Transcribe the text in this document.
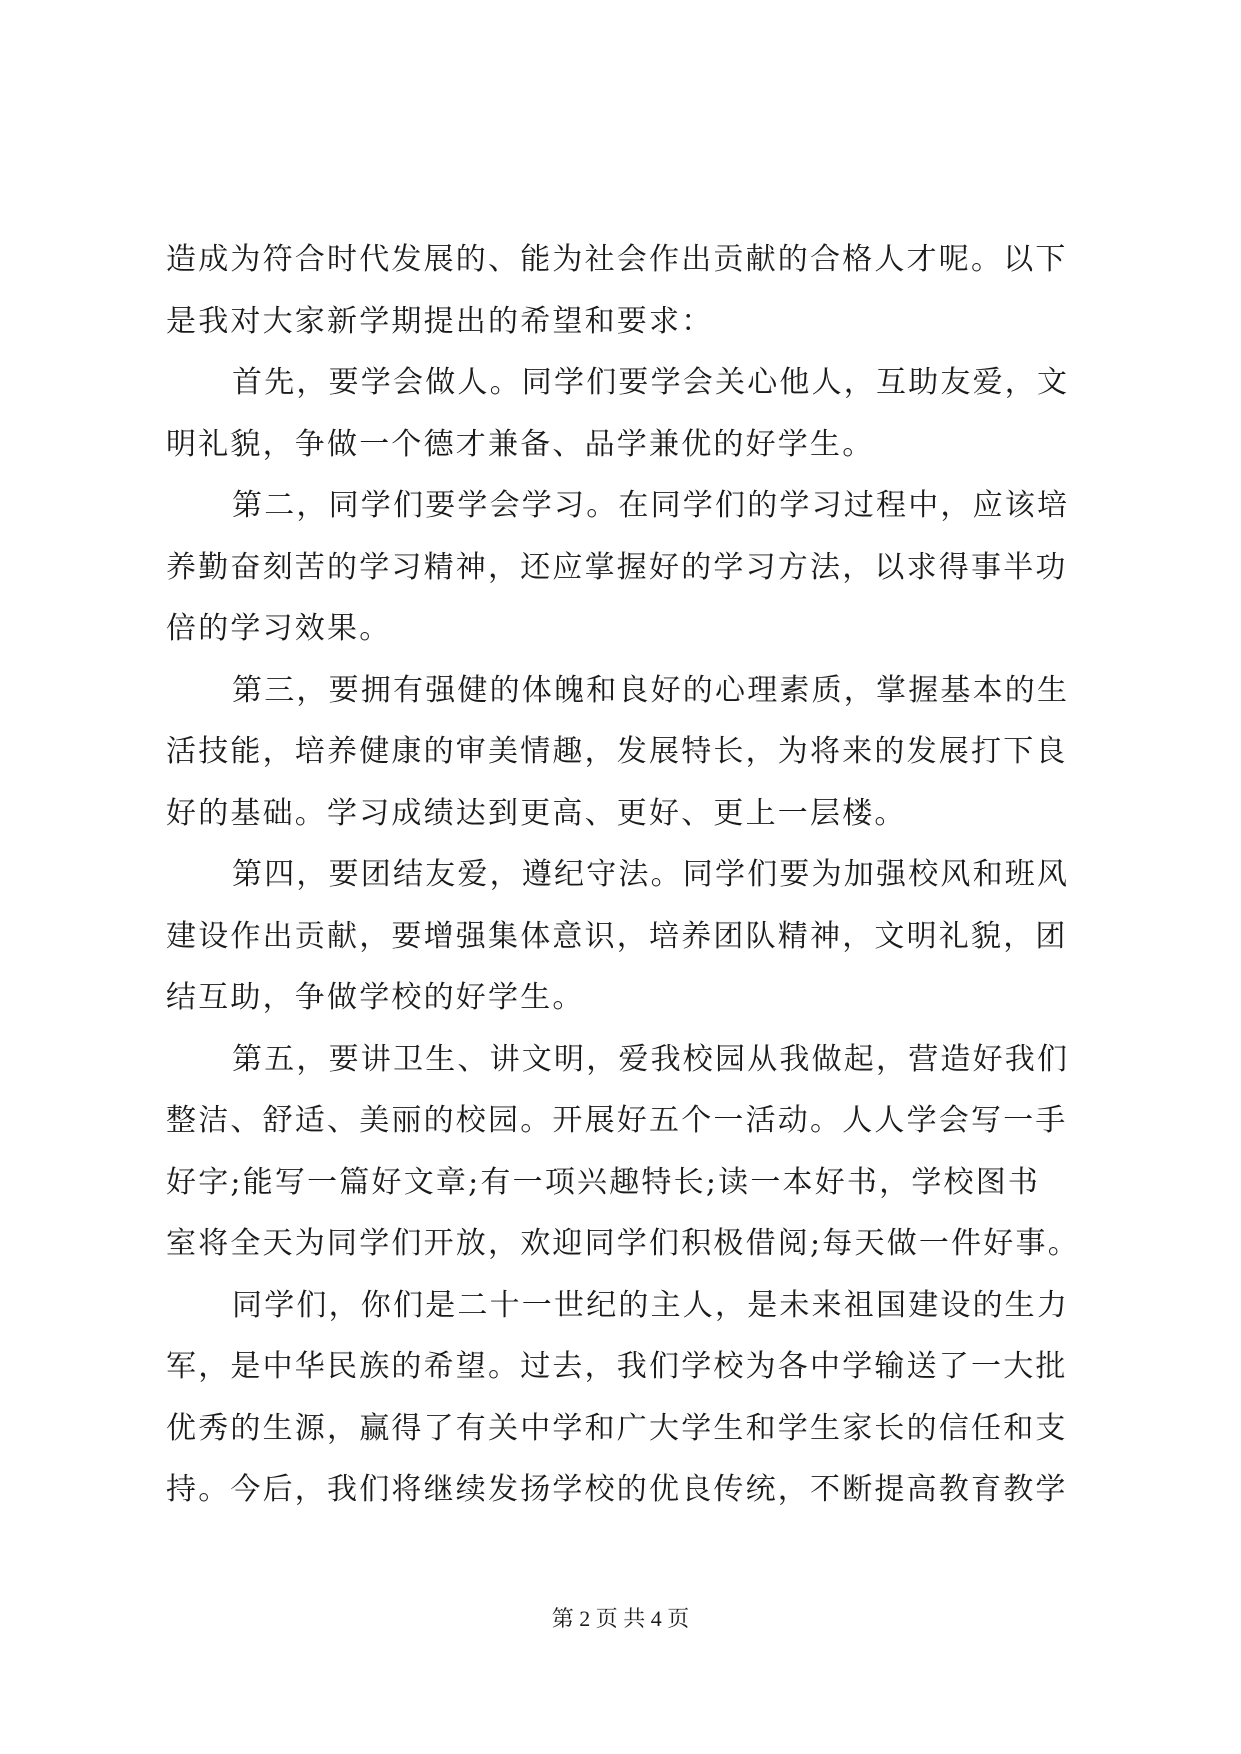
造成为符合时代发展的、能为社会作出贡献的合格人才呢。以下
是我对大家新学期提出的希望和要求：
首先，要学会做人。同学们要学会关心他人，互助友爱，文
明礼貌，争做一个德才兼备、品学兼优的好学生。
第二，同学们要学会学习。在同学们的学习过程中，应该培
养勤奋刻苦的学习精神，还应掌握好的学习方法，以求得事半功
倍的学习效果。
第三，要拥有强健的体魄和良好的心理素质，掌握基本的生
活技能，培养健康的审美情趣，发展特长，为将来的发展打下良
好的基础。学习成绩达到更高、更好、更上一层楼。
第四，要团结友爱，遵纪守法。同学们要为加强校风和班风
建设作出贡献，要增强集体意识，培养团队精神，文明礼貌，团
结互助，争做学校的好学生。
第五，要讲卫生、讲文明，爱我校园从我做起，营造好我们
整洁、舒适、美丽的校园。开展好五个一活动。人人学会写一手
好字;能写一篇好文章;有一项兴趣特长;读一本好书，学校图书
室将全天为同学们开放，欢迎同学们积极借阅;每天做一件好事。
同学们，你们是二十一世纪的主人，是未来祖国建设的生力
军，是中华民族的希望。过去，我们学校为各中学输送了一大批
优秀的生源，赢得了有关中学和广大学生和学生家长的信任和支
持。今后，我们将继续发扬学校的优良传统，不断提高教育教学
第 2 页 共 4 页
